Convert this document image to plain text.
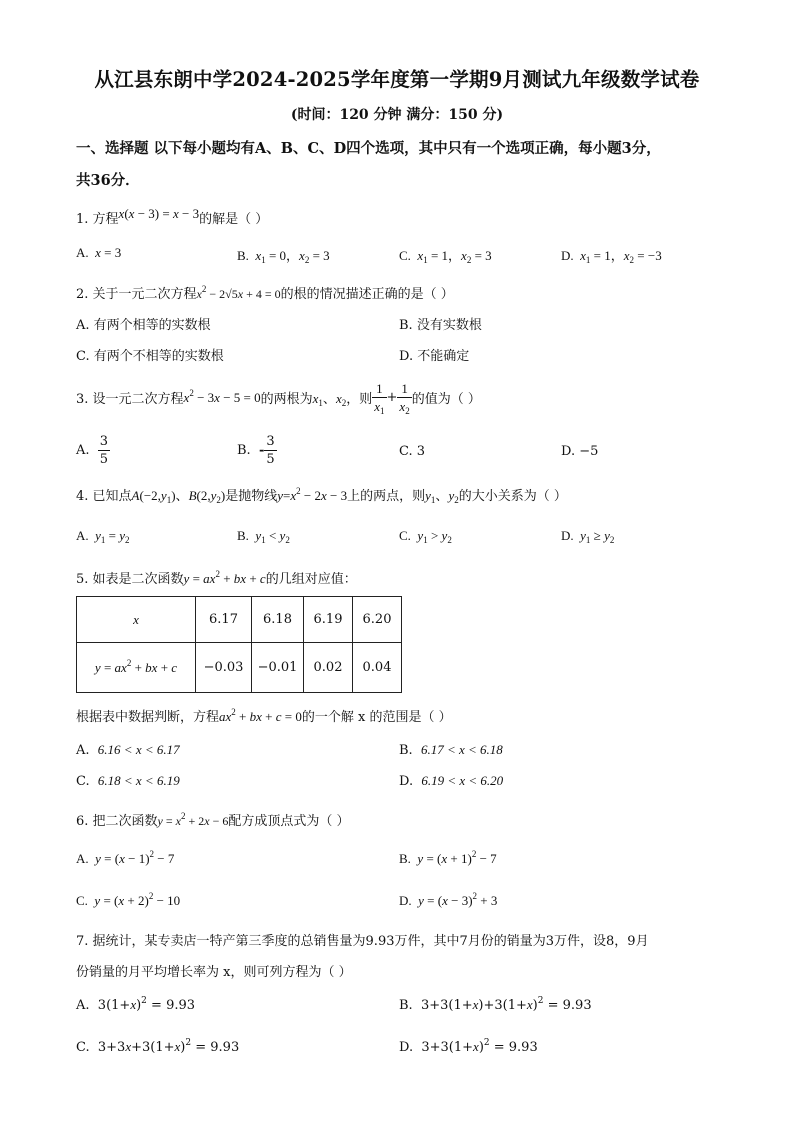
从江县东朗中学2024-2025学年度第一学期9月测试九年级数学试卷
(时间：120 分钟 满分：150 分)
一、选择题 以下每小题均有A、B、C、D四个选项，其中只有一个选项正确，每小题3分，
共36分．
1. 方程x(x − 3) = x − 3的解是（ ）
A.  x = 3	B.  $x_1 = 0$，$x_2 = 3$	C.  $x_1 = 1$，$x_2 = 3$	D.  $x_1 = 1$，$x_2 = -3$
2. 关于一元二次方程$x^2 - 2√5x + 4 = 0$的根的情况描述正确的是（ ）
A. 有两个相等的实数根	B. 没有实数根
C. 有两个不相等的实数根	D. 不能确定
3. 设一元二次方程$x^2 - 3x - 5 = 0$的两根为$x_1$、$x_2$，则 $\frac{1}{x_1} + \frac{1}{x_2}$ 的值为（ ）
A. $\frac{3}{5}$	B. - $\frac{3}{5}$	C. 3	D. −5
4. 已知点$A(-2,y_1)$、$B(2,y_2)$是抛物线$y=x^2 - 2x - 3$上的两点，则$y_1$、$y_2$的大小关系为（ ）
A.  $y_1 = y_2$	B.  $y_1 < y_2$	C.  $y_1 > y_2$	D.  $y_1 \ge y_2$
5. 如表是二次函数$y = ax^2$ + bx + c的几组对应值：
x	6.17	6.18	6.19	6.20
$y = ax^2$ + bx + c	−0.03	−0.01	0.02	0.04
根据表中数据判断，方程$ax^2$ + bx + c = 0的一个解 x 的范围是（ ）
A. 6.16 < x < 6.17	B. 6.17 < x < 6.18
C. 6.18 < x < 6.19	D. 6.19 < x < 6.20
6. 把二次函数$y = x^2 + 2x - 6$配方成顶点式为（ ）
A.  $y = (x - 1)^2 - 7$	B.  $y = (x + 1)^2 - 7$
C.  $y = (x + 2)^2 - 10$	D.  $y = (x - 3)^2 + 3$
7. 据统计，某专卖店一特产第三季度的总销售量为9.93万件，其中7月份的销量为3万件，设8，9月
份销量的月平均增长率为 x，则可列方程为（ ）
A.  $3(1+x)^2 = 9.93$	B.  $3+3(1+x)+3(1+x)^2 = 9.93$
C.  $3+3x+3(1+x)^2 = 9.93$	D.  $3+3(1+x)^2 = 9.93$
